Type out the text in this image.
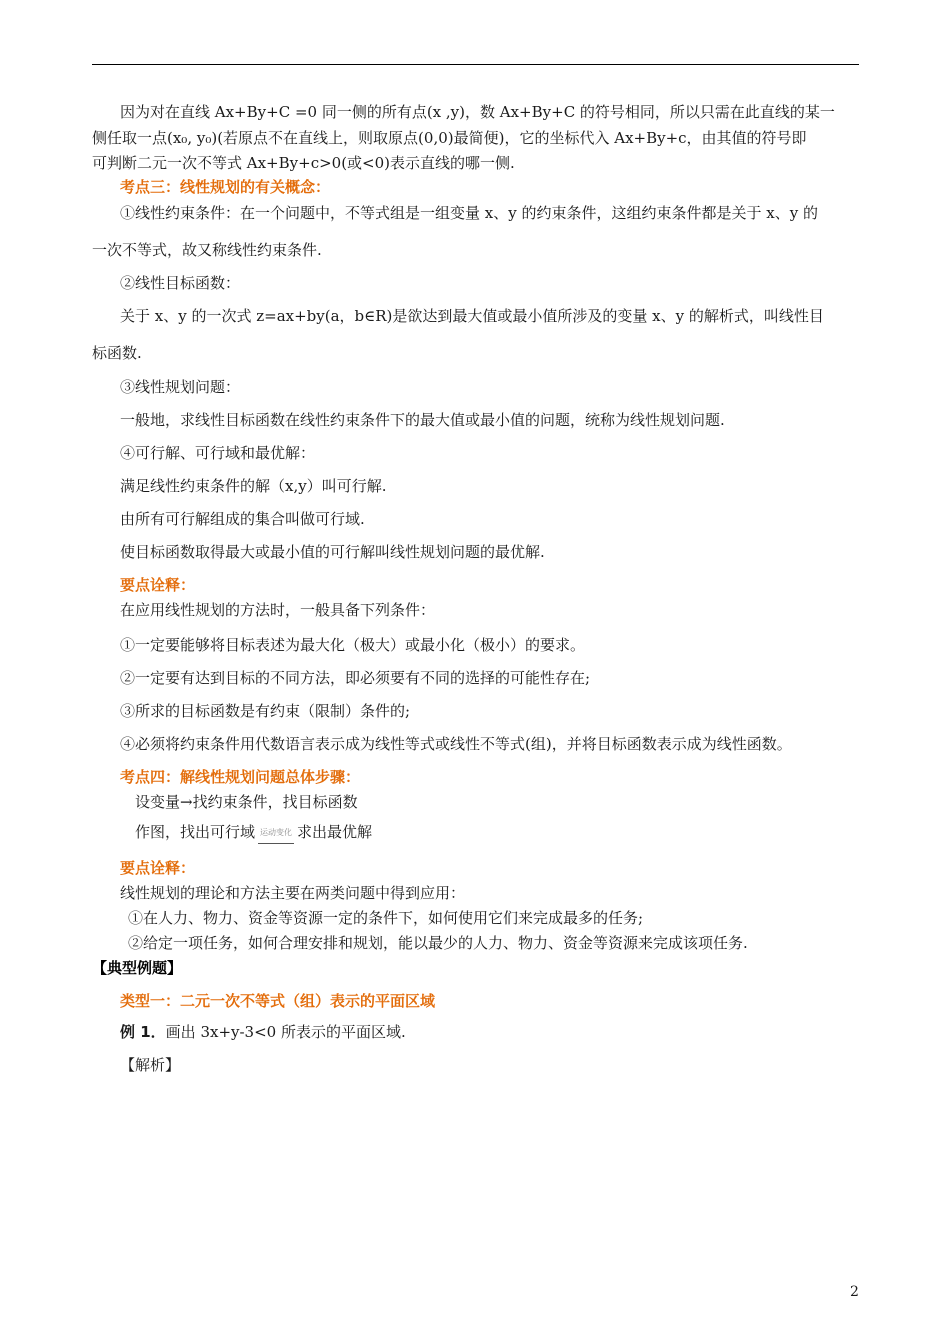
因为对在直线 Ax+By+C =0 同一侧的所有点(x ,y)，数 Ax+By+C 的符号相同，所以只需在此直线的某一
侧任取一点(x₀, y₀)(若原点不在直线上，则取原点(0,0)最简便)，它的坐标代入 Ax+By+c，由其值的符号即
可判断二元一次不等式 Ax+By+c>0(或<0)表示直线的哪一侧.
考点三：线性规划的有关概念：
①线性约束条件：在一个问题中，不等式组是一组变量 x、y 的约束条件，这组约束条件都是关于 x、y 的
一次不等式，故又称线性约束条件.
②线性目标函数：
关于 x、y 的一次式 z=ax+by(a，b∈R)是欲达到最大值或最小值所涉及的变量 x、y 的解析式，叫线性目
标函数.
③线性规划问题：
一般地，求线性目标函数在线性约束条件下的最大值或最小值的问题，统称为线性规划问题.
④可行解、可行域和最优解：
满足线性约束条件的解（x,y）叫可行解.
由所有可行解组成的集合叫做可行域.
使目标函数取得最大或最小值的可行解叫线性规划问题的最优解.
要点诠释：
在应用线性规划的方法时，一般具备下列条件：
①一定要能够将目标表述为最大化（极大）或最小化（极小）的要求。
②一定要有达到目标的不同方法，即必须要有不同的选择的可能性存在;
③所求的目标函数是有约束（限制）条件的;
④必须将约束条件用代数语言表示成为线性等式或线性不等式(组)，并将目标函数表示成为线性函数。
考点四：解线性规划问题总体步骤：
设变量→找约束条件，找目标函数
作图，找出可行域 运动变化 求出最优解
要点诠释：
线性规划的理论和方法主要在两类问题中得到应用：
①在人力、物力、资金等资源一定的条件下，如何使用它们来完成最多的任务;
②给定一项任务，如何合理安排和规划，能以最少的人力、物力、资金等资源来完成该项任务.
【典型例题】
类型一：二元一次不等式（组）表示的平面区域
例 1．画出 3x+y-3<0 所表示的平面区域.
【解析】
2
